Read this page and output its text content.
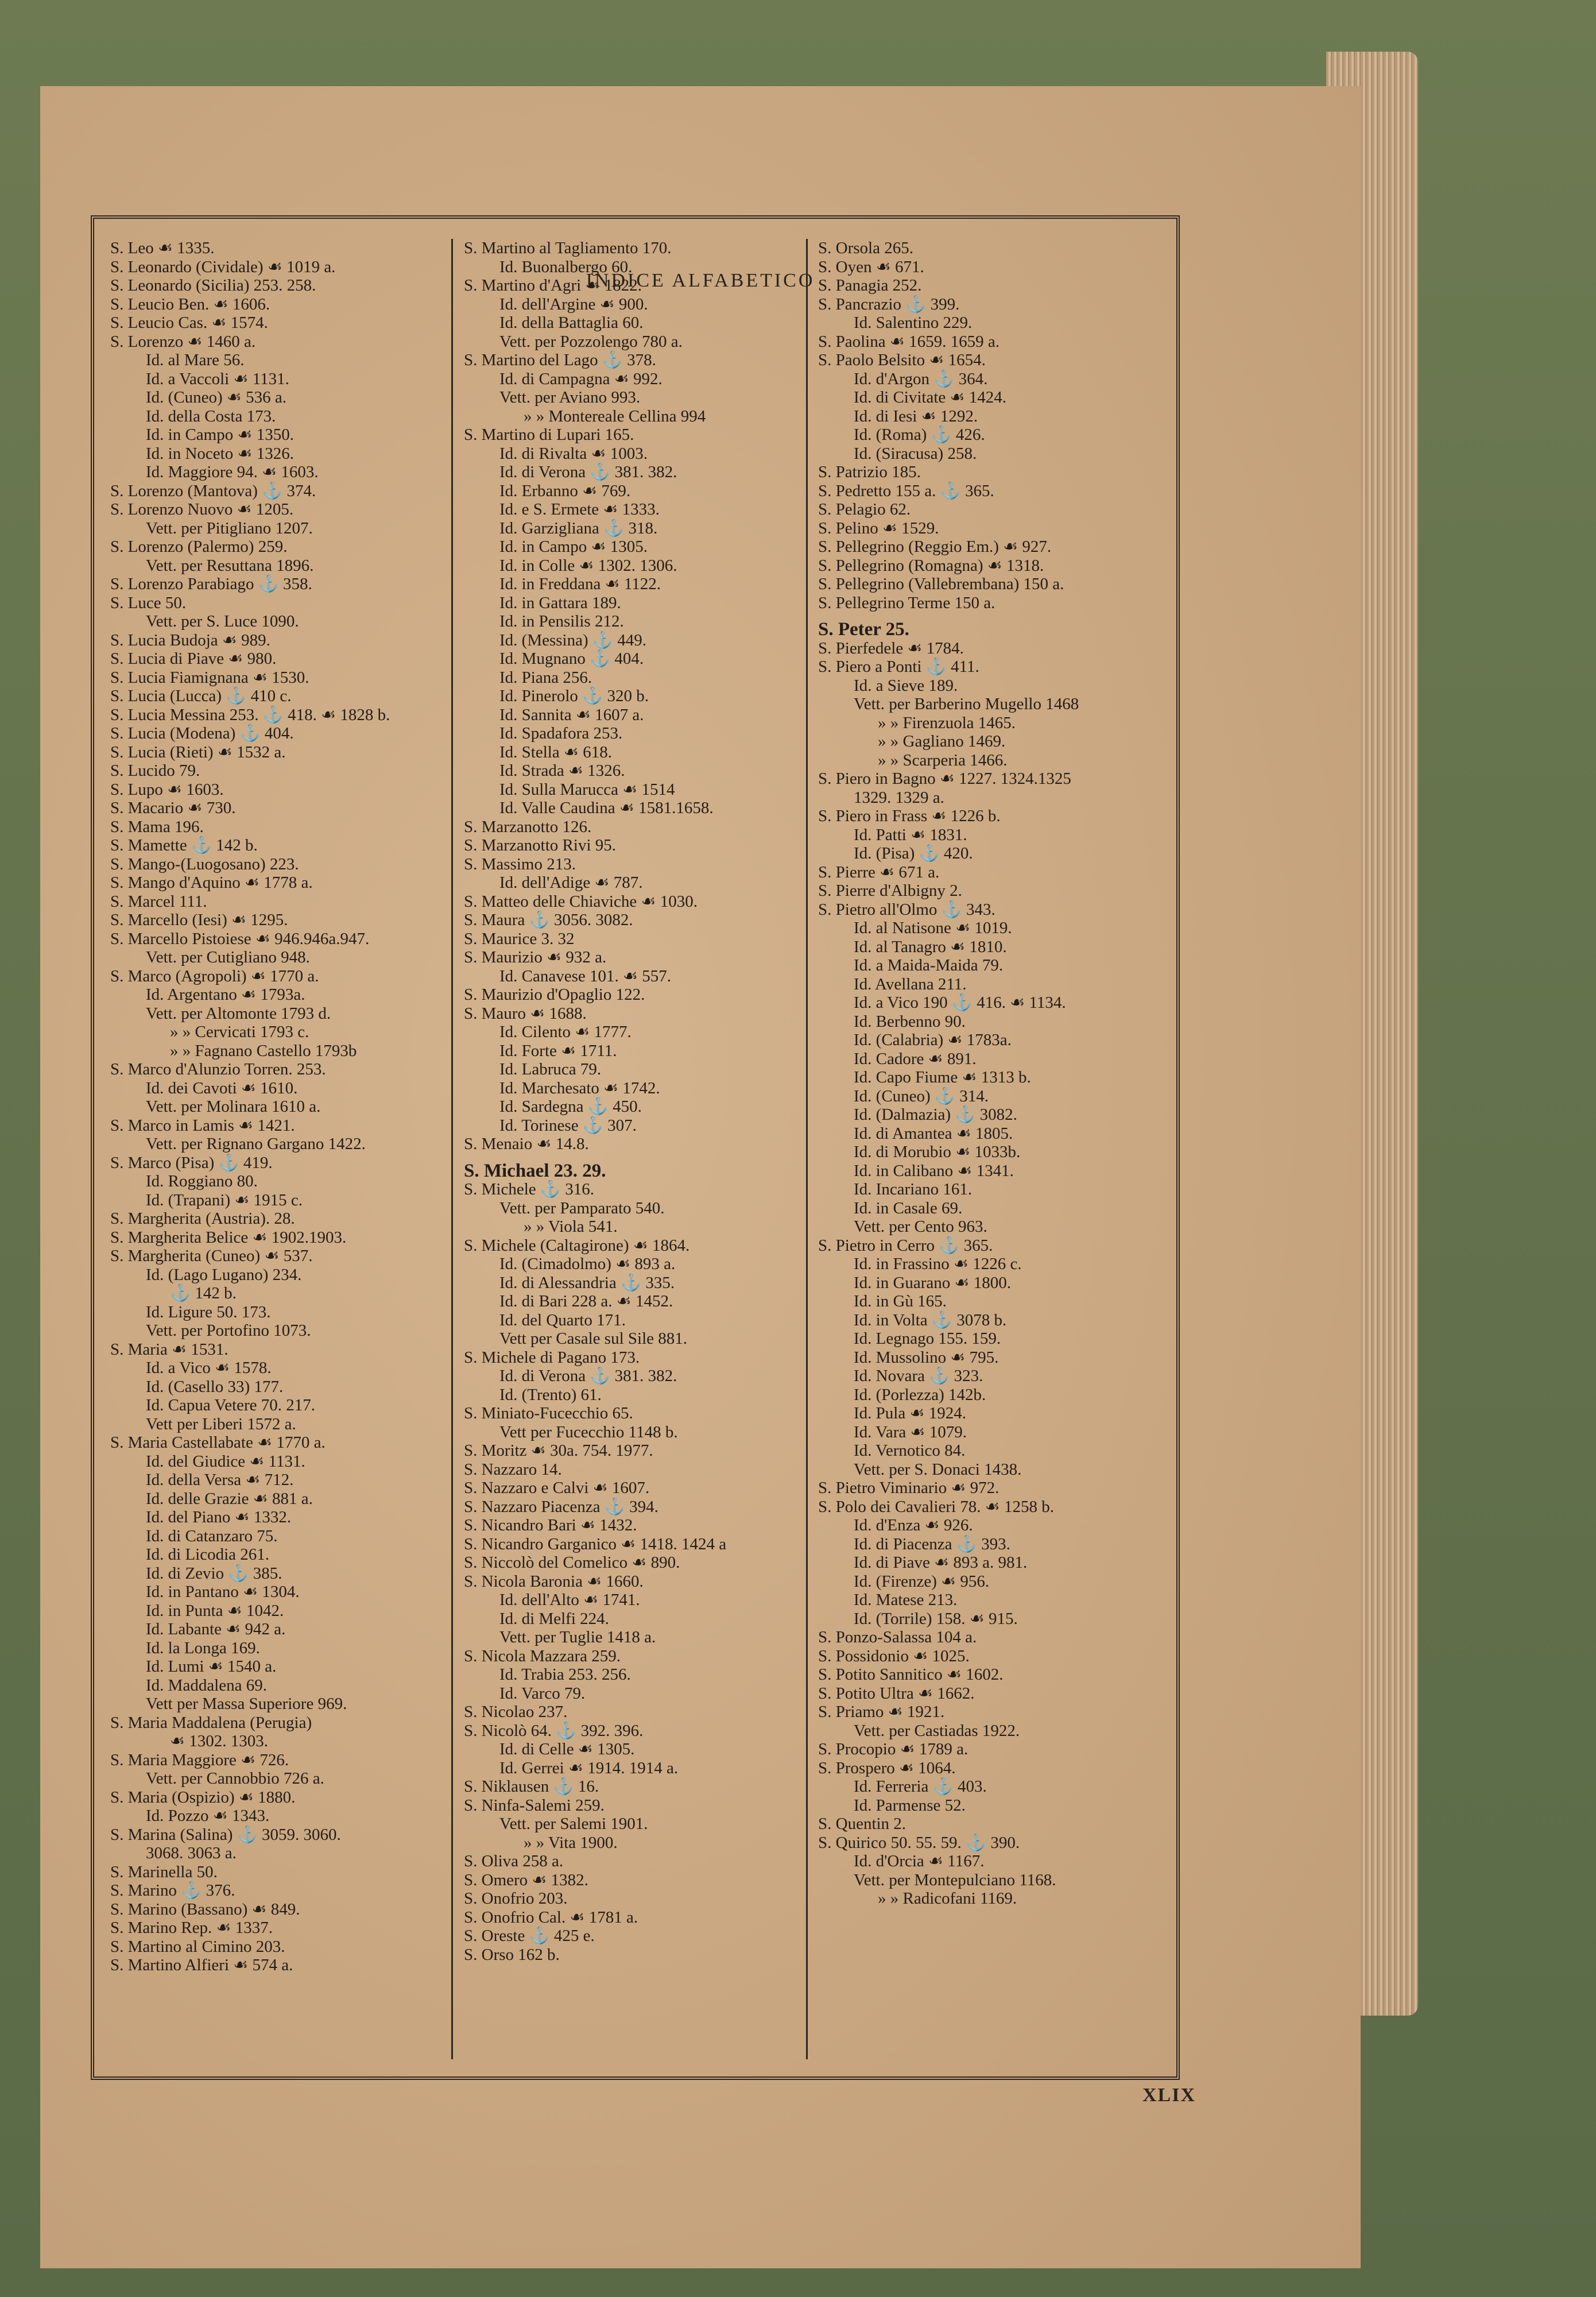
INDICE ALFABETICO
S. Leo ☙ 1335.
S. Leonardo (Cividale) ☙ 1019 a.
S. Leonardo (Sicilia) 253. 258.
S. Leucio Ben. ☙ 1606.
S. Leucio Cas. ☙ 1574.
S. Lorenzo ☙ 1460 a.
Id. al Mare 56.
Id. a Vaccoli ☙ 1131.
Id. (Cuneo) ☙ 536 a.
Id. della Costa 173.
Id. in Campo ☙ 1350.
Id. in Noceto ☙ 1326.
Id. Maggiore 94. ☙ 1603.
S. Lorenzo (Mantova) ⚓ 374.
S. Lorenzo Nuovo ☙ 1205.
Vett. per Pitigliano 1207.
S. Lorenzo (Palermo) 259.
Vett. per Resuttana 1896.
S. Lorenzo Parabiago ⚓ 358.
S. Luce 50.
Vett. per S. Luce 1090.
S. Lucia Budoja ☙ 989.
S. Lucia di Piave ☙ 980.
S. Lucia Fiamignana ☙ 1530.
S. Lucia (Lucca) ⚓ 410 c.
S. Lucia Messina 253. ⚓ 418. ☙ 1828 b.
S. Lucia (Modena) ⚓ 404.
S. Lucia (Rieti) ☙ 1532 a.
S. Lucido 79.
S. Lupo ☙ 1603.
S. Macario ☙ 730.
S. Mama 196.
S. Mamette ⚓ 142 b.
S. Mango-(Luogosano) 223.
S. Mango d'Aquino ☙ 1778 a.
S. Marcel 111.
S. Marcello (Iesi) ☙ 1295.
S. Marcello Pistoiese ☙ 946.946a.947.
Vett. per Cutigliano 948.
S. Marco (Agropoli) ☙ 1770 a.
Id. Argentano ☙ 1793a.
Vett. per Altomonte 1793 d.
» » Cervicati 1793 c.
» » Fagnano Castello 1793b
S. Marco d'Alunzio Torren. 253.
Id. dei Cavoti ☙ 1610.
Vett. per Molinara 1610 a.
S. Marco in Lamis ☙ 1421.
Vett. per Rignano Gargano 1422.
S. Marco (Pisa) ⚓ 419.
Id. Roggiano 80.
Id. (Trapani) ☙ 1915 c.
S. Margherita (Austria). 28.
S. Margherita Belice ☙ 1902.1903.
S. Margherita (Cuneo) ☙ 537.
Id. (Lago Lugano) 234.
⚓ 142 b.
Id. Ligure 50. 173.
Vett. per Portofino 1073.
S. Maria ☙ 1531.
Id. a Vico ☙ 1578.
Id. (Casello 33) 177.
Id. Capua Vetere 70. 217.
Vett per Liberi 1572 a.
S. Maria Castellabate ☙ 1770 a.
Id. del Giudice ☙ 1131.
Id. della Versa ☙ 712.
Id. delle Grazie ☙ 881 a.
Id. del Piano ☙ 1332.
Id. di Catanzaro 75.
Id. di Licodia 261.
Id. di Zevio ⚓ 385.
Id. in Pantano ☙ 1304.
Id. in Punta ☙ 1042.
Id. Labante ☙ 942 a.
Id. la Longa 169.
Id. Lumi ☙ 1540 a.
Id. Maddalena 69.
Vett per Massa Superiore 969.
S. Maria Maddalena (Perugia)
☙ 1302. 1303.
S. Maria Maggiore ☙ 726.
Vett. per Cannobbio 726 a.
S. Maria (Ospizio) ☙ 1880.
Id. Pozzo ☙ 1343.
S. Marina (Salina) ⚓ 3059. 3060.
3068. 3063 a.
S. Marinella 50.
S. Marino ⚓ 376.
S. Marino (Bassano) ☙ 849.
S. Marino Rep. ☙ 1337.
S. Martino al Cimino 203.
S. Martino Alfieri ☙ 574 a.
S. Martino al Tagliamento 170.
Id. Buonalbergo 60.
S. Martino d'Agri ☙ 1822.
Id. dell'Argine ☙ 900.
Id. della Battaglia 60.
Vett. per Pozzolengo 780 a.
S. Martino del Lago ⚓ 378.
Id. di Campagna ☙ 992.
Vett. per Aviano 993.
» » Montereale Cellina 994
S. Martino di Lupari 165.
Id. di Rivalta ☙ 1003.
Id. di Verona ⚓ 381. 382.
Id. Erbanno ☙ 769.
Id. e S. Ermete ☙ 1333.
Id. Garzigliana ⚓ 318.
Id. in Campo ☙ 1305.
Id. in Colle ☙ 1302. 1306.
Id. in Freddana ☙ 1122.
Id. in Gattara 189.
Id. in Pensilis 212.
Id. (Messina) ⚓ 449.
Id. Mugnano ⚓ 404.
Id. Piana 256.
Id. Pinerolo ⚓ 320 b.
Id. Sannita ☙ 1607 a.
Id. Spadafora 253.
Id. Stella ☙ 618.
Id. Strada ☙ 1326.
Id. Sulla Marucca ☙ 1514
Id. Valle Caudina ☙ 1581.1658.
S. Marzanotto 126.
S. Marzanotto Rivi 95.
S. Massimo 213.
Id. dell'Adige ☙ 787.
S. Matteo delle Chiaviche ☙ 1030.
S. Maura ⚓ 3056. 3082.
S. Maurice 3. 32
S. Maurizio ☙ 932 a.
Id. Canavese 101. ☙ 557.
S. Maurizio d'Opaglio 122.
S. Mauro ☙ 1688.
Id. Cilento ☙ 1777.
Id. Forte ☙ 1711.
Id. Labruca 79.
Id. Marchesato ☙ 1742.
Id. Sardegna ⚓ 450.
Id. Torinese ⚓ 307.
S. Menaio ☙ 14.8.
S. Michael 23. 29.
S. Michele ⚓ 316.
Vett. per Pamparato 540.
» » Viola 541.
S. Michele (Caltagirone) ☙ 1864.
Id. (Cimadolmo) ☙ 893 a.
Id. di Alessandria ⚓ 335.
Id. di Bari 228 a. ☙ 1452.
Id. del Quarto 171.
Vett per Casale sul Sile 881.
S. Michele di Pagano 173.
Id. di Verona ⚓ 381. 382.
Id. (Trento) 61.
S. Miniato-Fucecchio 65.
Vett per Fucecchio 1148 b.
S. Moritz ☙ 30a. 754. 1977.
S. Nazzaro 14.
S. Nazzaro e Calvi ☙ 1607.
S. Nazzaro Piacenza ⚓ 394.
S. Nicandro Bari ☙ 1432.
S. Nicandro Garganico ☙ 1418. 1424 a
S. Niccolò del Comelico ☙ 890.
S. Nicola Baronia ☙ 1660.
Id. dell'Alto ☙ 1741.
Id. di Melfi 224.
Vett. per Tuglie 1418 a.
S. Nicola Mazzara 259.
Id. Trabia 253. 256.
Id. Varco 79.
S. Nicolao 237.
S. Nicolò 64. ⚓ 392. 396.
Id. di Celle ☙ 1305.
Id. Gerrei ☙ 1914. 1914 a.
S. Niklausen ⚓ 16.
S. Ninfa-Salemi 259.
Vett. per Salemi 1901.
» » Vita 1900.
S. Oliva 258 a.
S. Omero ☙ 1382.
S. Onofrio 203.
S. Onofrio Cal. ☙ 1781 a.
S. Oreste ⚓ 425 e.
S. Orso 162 b.
S. Orsola 265.
S. Oyen ☙ 671.
S. Panagia 252.
S. Pancrazio ⚓ 399.
Id. Salentino 229.
S. Paolina ☙ 1659. 1659 a.
S. Paolo Belsito ☙ 1654.
Id. d'Argon ⚓ 364.
Id. di Civitate ☙ 1424.
Id. di Iesi ☙ 1292.
Id. (Roma) ⚓ 426.
Id. (Siracusa) 258.
S. Patrizio 185.
S. Pedretto 155 a. ⚓ 365.
S. Pelagio 62.
S. Pelino ☙ 1529.
S. Pellegrino (Reggio Em.) ☙ 927.
S. Pellegrino (Romagna) ☙ 1318.
S. Pellegrino (Vallebrembana) 150 a.
S. Pellegrino Terme 150 a.
S. Peter 25.
S. Pierfedele ☙ 1784.
S. Piero a Ponti ⚓ 411.
Id. a Sieve 189.
Vett. per Barberino Mugello 1468
» » Firenzuola 1465.
» » Gagliano 1469.
» » Scarperia 1466.
S. Piero in Bagno ☙ 1227. 1324.1325
1329. 1329 a.
S. Piero in Frass ☙ 1226 b.
Id. Patti ☙ 1831.
Id. (Pisa) ⚓ 420.
S. Pierre ☙ 671 a.
S. Pierre d'Albigny 2.
S. Pietro all'Olmo ⚓ 343.
Id. al Natisone ☙ 1019.
Id. al Tanagro ☙ 1810.
Id. a Maida-Maida 79.
Id. Avellana 211.
Id. a Vico 190 ⚓ 416. ☙ 1134.
Id. Berbenno 90.
Id. (Calabria) ☙ 1783a.
Id. Cadore ☙ 891.
Id. Capo Fiume ☙ 1313 b.
Id. (Cuneo) ⚓ 314.
Id. (Dalmazia) ⚓ 3082.
Id. di Amantea ☙ 1805.
Id. di Morubio ☙ 1033b.
Id. in Calibano ☙ 1341.
Id. Incariano 161.
Id. in Casale 69.
Vett. per Cento 963.
S. Pietro in Cerro ⚓ 365.
Id. in Frassino ☙ 1226 c.
Id. in Guarano ☙ 1800.
Id. in Gù 165.
Id. in Volta ⚓ 3078 b.
Id. Legnago 155. 159.
Id. Mussolino ☙ 795.
Id. Novara ⚓ 323.
Id. (Porlezza) 142b.
Id. Pula ☙ 1924.
Id. Vara ☙ 1079.
Id. Vernotico 84.
Vett. per S. Donaci 1438.
S. Pietro Viminario ☙ 972.
S. Polo dei Cavalieri 78. ☙ 1258 b.
Id. d'Enza ☙ 926.
Id. di Piacenza ⚓ 393.
Id. di Piave ☙ 893 a. 981.
Id. (Firenze) ☙ 956.
Id. Matese 213.
Id. (Torrile) 158. ☙ 915.
S. Ponzo-Salassa 104 a.
S. Possidonio ☙ 1025.
S. Potito Sannitico ☙ 1602.
S. Potito Ultra ☙ 1662.
S. Priamo ☙ 1921.
Vett. per Castiadas 1922.
S. Procopio ☙ 1789 a.
S. Prospero ☙ 1064.
Id. Ferreria ⚓ 403.
Id. Parmense 52.
S. Quentin 2.
S. Quirico 50. 55. 59. ⚓ 390.
Id. d'Orcia ☙ 1167.
Vett. per Montepulciano 1168.
» » Radicofani 1169.
XLIX
